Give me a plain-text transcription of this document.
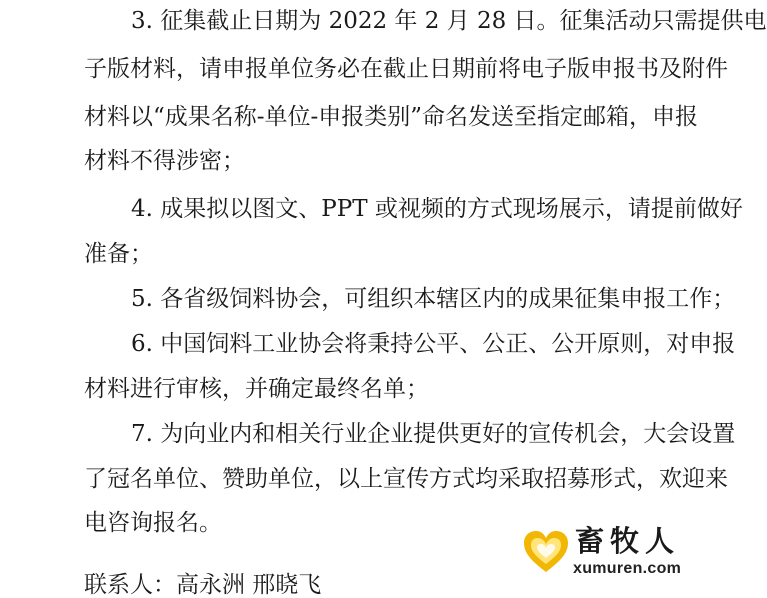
3. 征集截止日期为 2022 年 2 月 28 日。征集活动只需提供电
子版材料，请申报单位务必在截止日期前将电子版申报书及附件
材料以“成果名称-单位-申报类别”命名发送至指定邮箱，申报
材料不得涉密；
4. 成果拟以图文、PPT 或视频的方式现场展示，请提前做好
准备；
5. 各省级饲料协会，可组织本辖区内的成果征集申报工作；
6. 中国饲料工业协会将秉持公平、公正、公开原则，对申报
材料进行审核，并确定最终名单；
7. 为向业内和相关行业企业提供更好的宣传机会，大会设置
了冠名单位、赞助单位，以上宣传方式均采取招募形式，欢迎来
电咨询报名。
联系人：高永洲 邢晓飞
畜牧人
xumuren.com
